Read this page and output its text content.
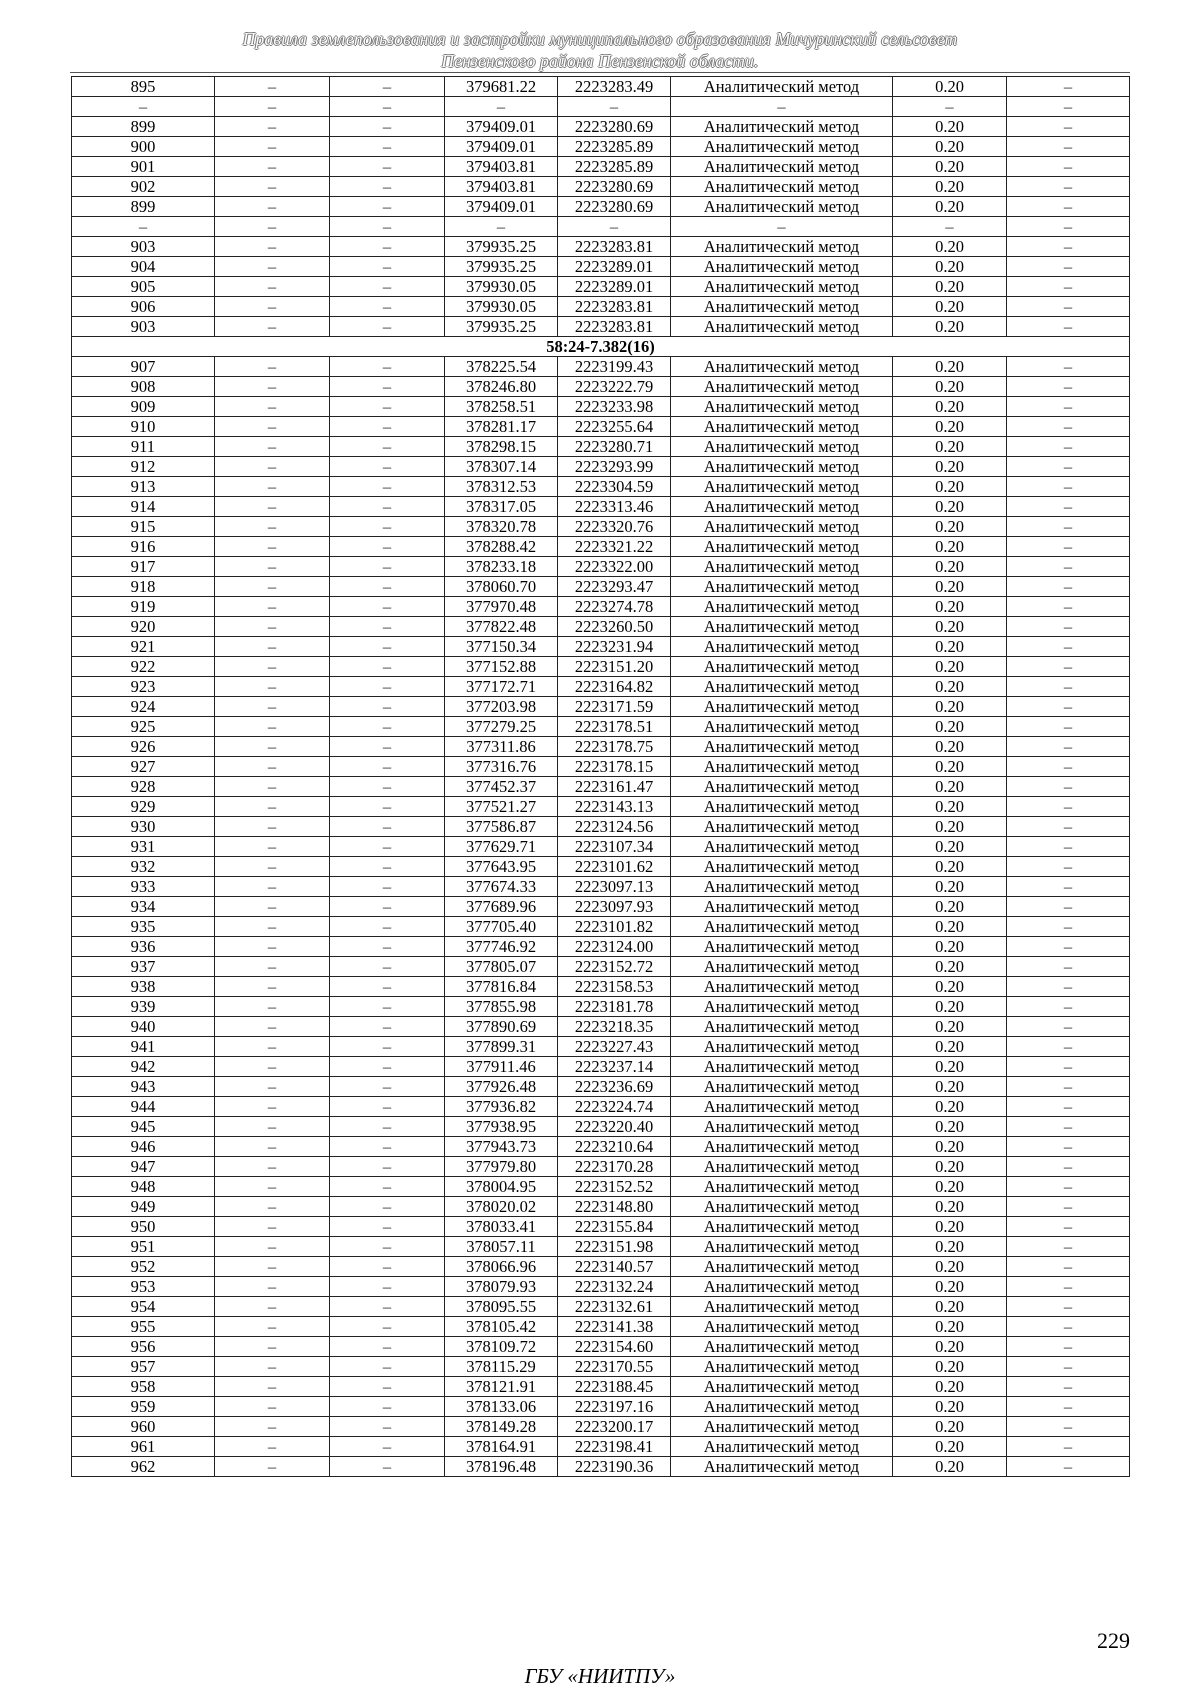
Правила землепользования и застройки муниципального образования Мичуринский сельсовет

Пензенского района Пензенской области.
895	–	–	379681.22	2223283.49	Аналитический метод	0.20	–
–	–	–	–	–	–	–	–
899	–	–	379409.01	2223280.69	Аналитический метод	0.20	–
900	–	–	379409.01	2223285.89	Аналитический метод	0.20	–
901	–	–	379403.81	2223285.89	Аналитический метод	0.20	–
902	–	–	379403.81	2223280.69	Аналитический метод	0.20	–
899	–	–	379409.01	2223280.69	Аналитический метод	0.20	–
–	–	–	–	–	–	–	–
903	–	–	379935.25	2223283.81	Аналитический метод	0.20	–
904	–	–	379935.25	2223289.01	Аналитический метод	0.20	–
905	–	–	379930.05	2223289.01	Аналитический метод	0.20	–
906	–	–	379930.05	2223283.81	Аналитический метод	0.20	–
903	–	–	379935.25	2223283.81	Аналитический метод	0.20	–
58:24-7.382(16)							
907	–	–	378225.54	2223199.43	Аналитический метод	0.20	–
908	–	–	378246.80	2223222.79	Аналитический метод	0.20	–
909	–	–	378258.51	2223233.98	Аналитический метод	0.20	–
910	–	–	378281.17	2223255.64	Аналитический метод	0.20	–
911	–	–	378298.15	2223280.71	Аналитический метод	0.20	–
912	–	–	378307.14	2223293.99	Аналитический метод	0.20	–
913	–	–	378312.53	2223304.59	Аналитический метод	0.20	–
914	–	–	378317.05	2223313.46	Аналитический метод	0.20	–
915	–	–	378320.78	2223320.76	Аналитический метод	0.20	–
916	–	–	378288.42	2223321.22	Аналитический метод	0.20	–
917	–	–	378233.18	2223322.00	Аналитический метод	0.20	–
918	–	–	378060.70	2223293.47	Аналитический метод	0.20	–
919	–	–	377970.48	2223274.78	Аналитический метод	0.20	–
920	–	–	377822.48	2223260.50	Аналитический метод	0.20	–
921	–	–	377150.34	2223231.94	Аналитический метод	0.20	–
922	–	–	377152.88	2223151.20	Аналитический метод	0.20	–
923	–	–	377172.71	2223164.82	Аналитический метод	0.20	–
924	–	–	377203.98	2223171.59	Аналитический метод	0.20	–
925	–	–	377279.25	2223178.51	Аналитический метод	0.20	–
926	–	–	377311.86	2223178.75	Аналитический метод	0.20	–
927	–	–	377316.76	2223178.15	Аналитический метод	0.20	–
928	–	–	377452.37	2223161.47	Аналитический метод	0.20	–
929	–	–	377521.27	2223143.13	Аналитический метод	0.20	–
930	–	–	377586.87	2223124.56	Аналитический метод	0.20	–
931	–	–	377629.71	2223107.34	Аналитический метод	0.20	–
932	–	–	377643.95	2223101.62	Аналитический метод	0.20	–
933	–	–	377674.33	2223097.13	Аналитический метод	0.20	–
934	–	–	377689.96	2223097.93	Аналитический метод	0.20	–
935	–	–	377705.40	2223101.82	Аналитический метод	0.20	–
936	–	–	377746.92	2223124.00	Аналитический метод	0.20	–
937	–	–	377805.07	2223152.72	Аналитический метод	0.20	–
938	–	–	377816.84	2223158.53	Аналитический метод	0.20	–
939	–	–	377855.98	2223181.78	Аналитический метод	0.20	–
940	–	–	377890.69	2223218.35	Аналитический метод	0.20	–
941	–	–	377899.31	2223227.43	Аналитический метод	0.20	–
942	–	–	377911.46	2223237.14	Аналитический метод	0.20	–
943	–	–	377926.48	2223236.69	Аналитический метод	0.20	–
944	–	–	377936.82	2223224.74	Аналитический метод	0.20	–
945	–	–	377938.95	2223220.40	Аналитический метод	0.20	–
946	–	–	377943.73	2223210.64	Аналитический метод	0.20	–
947	–	–	377979.80	2223170.28	Аналитический метод	0.20	–
948	–	–	378004.95	2223152.52	Аналитический метод	0.20	–
949	–	–	378020.02	2223148.80	Аналитический метод	0.20	–
950	–	–	378033.41	2223155.84	Аналитический метод	0.20	–
951	–	–	378057.11	2223151.98	Аналитический метод	0.20	–
952	–	–	378066.96	2223140.57	Аналитический метод	0.20	–
953	–	–	378079.93	2223132.24	Аналитический метод	0.20	–
954	–	–	378095.55	2223132.61	Аналитический метод	0.20	–
955	–	–	378105.42	2223141.38	Аналитический метод	0.20	–
956	–	–	378109.72	2223154.60	Аналитический метод	0.20	–
957	–	–	378115.29	2223170.55	Аналитический метод	0.20	–
958	–	–	378121.91	2223188.45	Аналитический метод	0.20	–
959	–	–	378133.06	2223197.16	Аналитический метод	0.20	–
960	–	–	378149.28	2223200.17	Аналитический метод	0.20	–
961	–	–	378164.91	2223198.41	Аналитический метод	0.20	–
962	–	–	378196.48	2223190.36	Аналитический метод	0.20	–
229
ГБУ «НИИТПУ»
